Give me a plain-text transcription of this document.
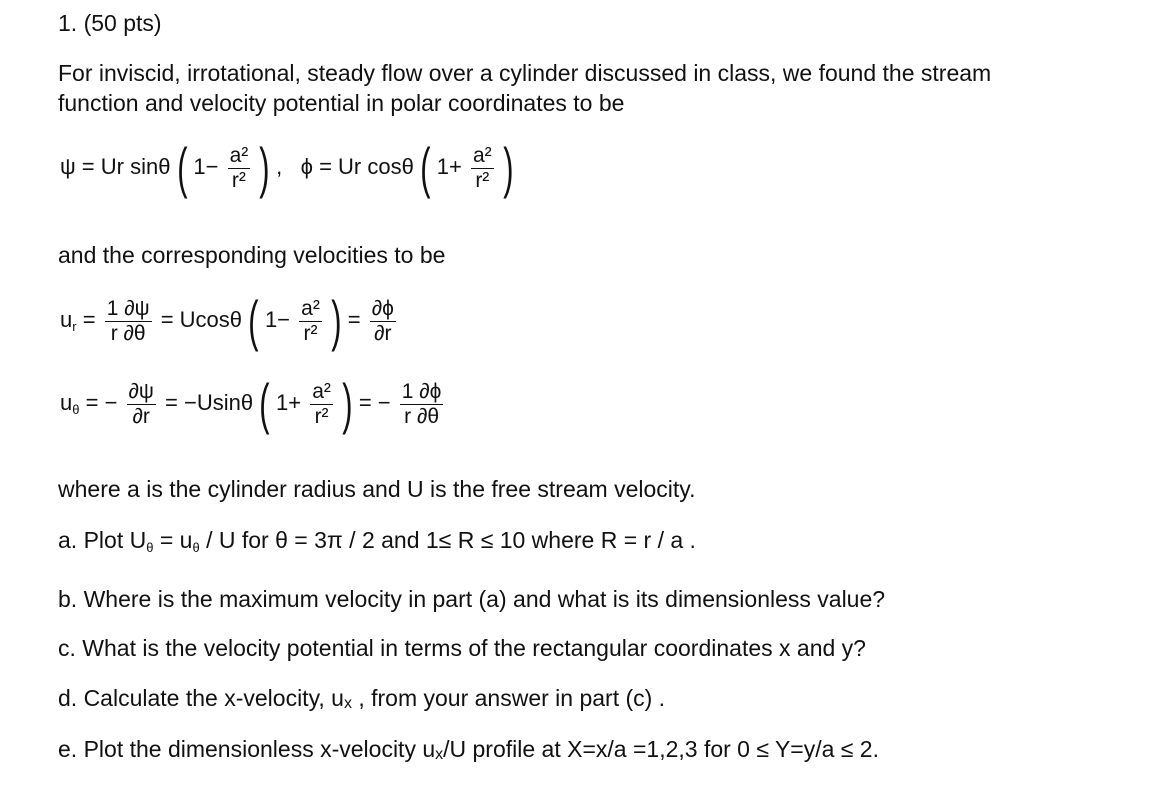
1. (50 pts)
For inviscid, irrotational, steady flow over a cylinder discussed in class, we found the stream
function and velocity potential in polar coordinates to be
ψ = Ur sinθ ( $1- \frac{\text{a²}}{\text{r²}}$ ) , ϕ = Ur cosθ ( $1+ \frac{\text{a²}}{\text{r²}}$ )
and the corresponding velocities to be
$u_r = \frac{1 \partial\psi}{r \partial\theta} = Ucos\theta$ ( $1- \frac{\text{a²}}{\text{r²}}$ ) = $\frac{\partial\phi}{\partial r}$
$u_\theta$ = − $\frac{\partial\psi}{\partial r} = -Usin\theta$ ( $1+ \frac{\text{a²}}{\text{r²}}$ ) = − $\frac{1 \partial\phi}{r \partial\theta}$
where a is the cylinder radius and U is the free stream velocity.
a. Plot $U_\theta = u_\theta / U$ for θ = 3π / 2 and 1≤ R ≤ 10 where R = r / a .
b. Where is the maximum velocity in part (a) and what is its dimensionless value?
c. What is the velocity potential in terms of the rectangular coordinates x and y?
d. Calculate the x-velocity, ux , from your answer in part (c) .
e. Plot the dimensionless x-velocity ux/U profile at X=x/a =1,2,3 for 0 ≤ Y=y/a ≤ 2.
